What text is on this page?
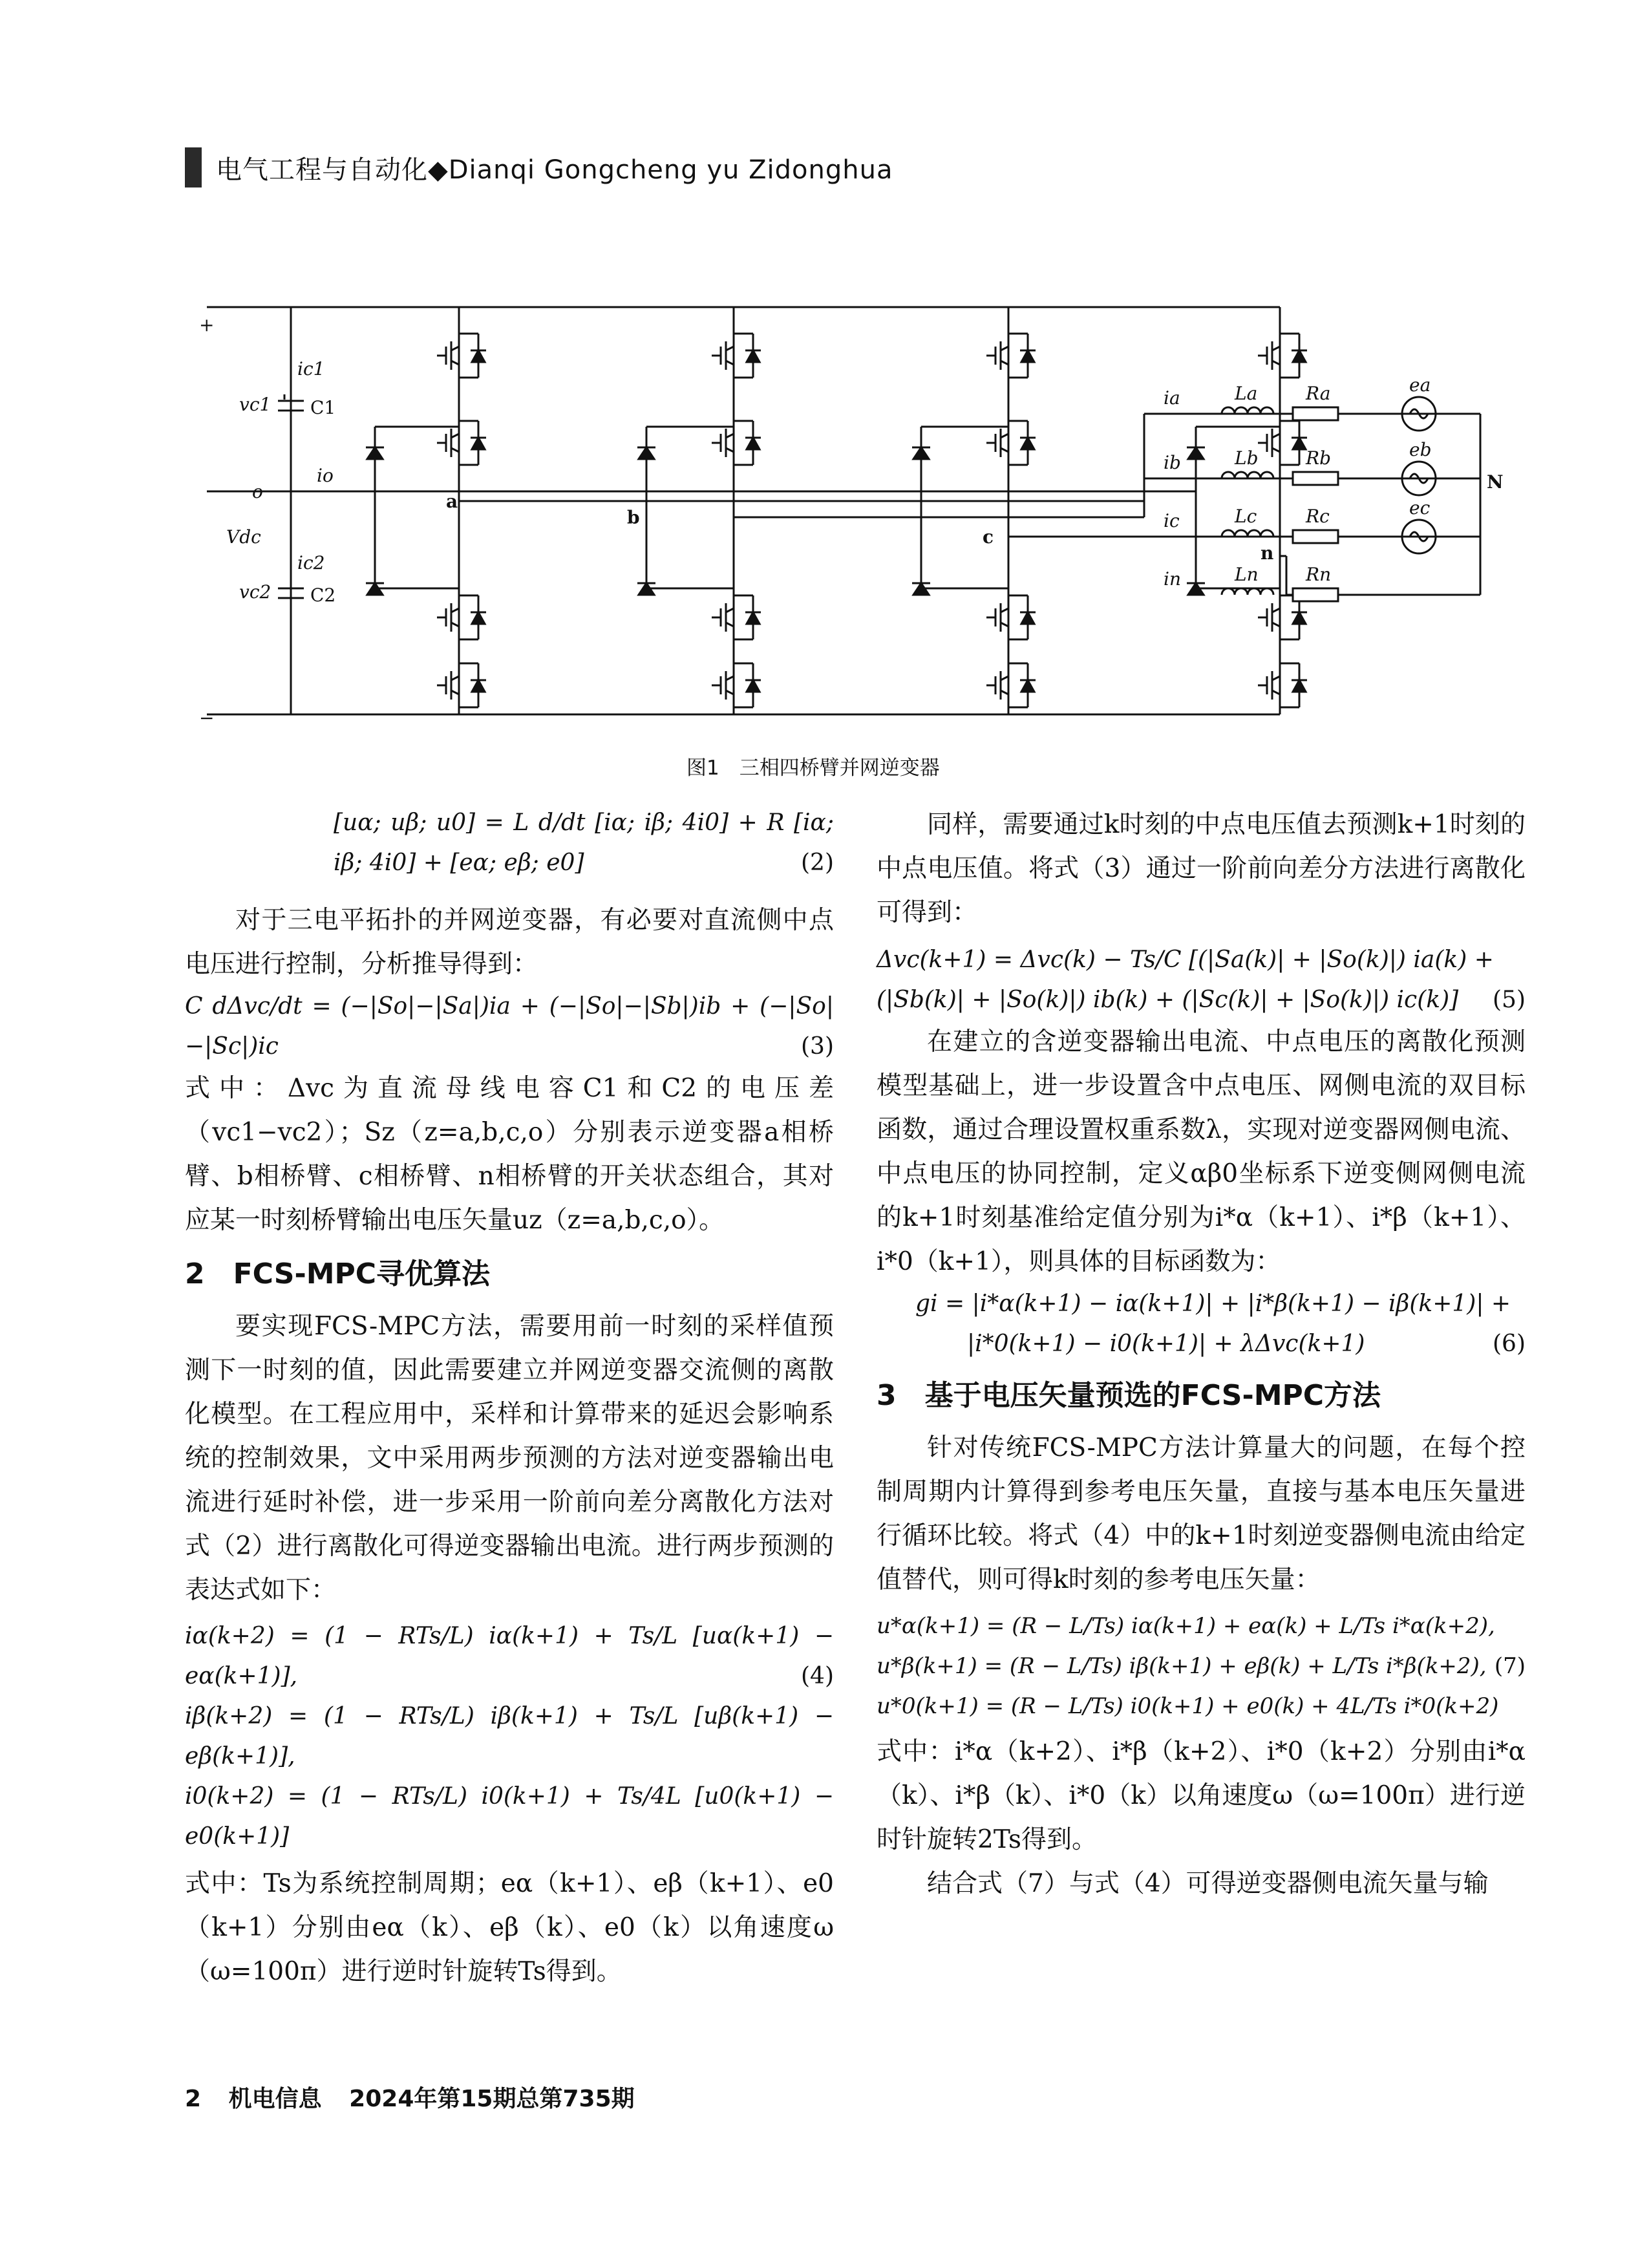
电气工程与自动化◆Dianqi Gongcheng yu Zidonghua
+
−
ic1
vc1 C1
o
io
Vdc
ic2
vc2 C2
a
b
c
n
N
ia
ib
ic
in
La
Lb
Lc
Ln
Ra
Rb
Rc
Rn
ea
eb
ec
图1　三相四桥臂并网逆变器
[uα; uβ; u0] = L d/dt [iα; iβ; 4i0] + R [iα; iβ; 4i0] + [eα; eβ; e0]	(2)

对于三电平拓扑的并网逆变器，有必要对直流侧中点电压进行控制，分析推导得到：

C dΔvc/dt = (−|So|−|Sa|)ia + (−|So|−|Sb|)ib + (−|So|−|Sc|)ic	(3)

式中：Δvc为直流母线电容C1和C2的电压差（vc1−vc2）；Sz（z=a,b,c,o）分别表示逆变器a相桥臂、b相桥臂、c相桥臂、n相桥臂的开关状态组合，其对应某一时刻桥臂输出电压矢量uz（z=a,b,c,o）。

2　FCS-MPC寻优算法

要实现FCS-MPC方法，需要用前一时刻的采样值预测下一时刻的值，因此需要建立并网逆变器交流侧的离散化模型。在工程应用中，采样和计算带来的延迟会影响系统的控制效果，文中采用两步预测的方法对逆变器输出电流进行延时补偿，进一步采用一阶前向差分离散化方法对式（2）进行离散化可得逆变器输出电流。进行两步预测的表达式如下：

iα(k+2) = (1 − RTs/L) iα(k+1) + Ts/L [uα(k+1) − eα(k+1)],
iβ(k+2) = (1 − RTs/L) iβ(k+1) + Ts/L [uβ(k+1) − eβ(k+1)],
i0(k+2) = (1 − RTs/L) i0(k+1) + Ts/4L [u0(k+1) − e0(k+1)]
(4)

式中：Ts为系统控制周期；eα（k+1）、eβ（k+1）、e0（k+1）分别由eα（k）、eβ（k）、e0（k）以角速度ω（ω=100π）进行逆时针旋转Ts得到。

同样，需要通过k时刻的中点电压值去预测k+1时刻的中点电压值。将式（3）通过一阶前向差分方法进行离散化可得到：

Δvc(k+1) = Δvc(k) − Ts/C [(|Sa(k)| + |So(k)|) ia(k) +
(|Sb(k)| + |So(k)|) ib(k) + (|Sc(k)| + |So(k)|) ic(k)]	(5)

在建立的含逆变器输出电流、中点电压的离散化预测模型基础上，进一步设置含中点电压、网侧电流的双目标函数，通过合理设置权重系数λ，实现对逆变器网侧电流、中点电压的协同控制，定义αβ0坐标系下逆变侧网侧电流的k+1时刻基准给定值分别为i*α（k+1）、i*β（k+1）、i*0（k+1），则具体的目标函数为：

gi = |i*α(k+1) − iα(k+1)| + |i*β(k+1) − iβ(k+1)| +
|i*0(k+1) − i0(k+1)| + λΔvc(k+1)	(6)
3　基于电压矢量预选的FCS-MPC方法

针对传统FCS-MPC方法计算量大的问题，在每个控制周期内计算得到参考电压矢量，直接与基本电压矢量进行循环比较。将式（4）中的k+1时刻逆变器侧电流由给定值替代，则可得k时刻的参考电压矢量：

u*α(k+1) = (R − L/Ts) iα(k+1) + eα(k) + L/Ts i*α(k+2),
u*β(k+1) = (R − L/Ts) iβ(k+1) + eβ(k) + L/Ts i*β(k+2),
u*0(k+1) = (R − L/Ts) i0(k+1) + e0(k) + 4L/Ts i*0(k+2)
(7)

式中：i*α（k+2）、i*β（k+2）、i*0（k+2）分别由i*α（k）、i*β（k）、i*0（k）以角速度ω（ω=100π）进行逆时针旋转2Ts得到。

结合式（7）与式（4）可得逆变器侧电流矢量与输

2 机电信息 2024年第15期总第735期
